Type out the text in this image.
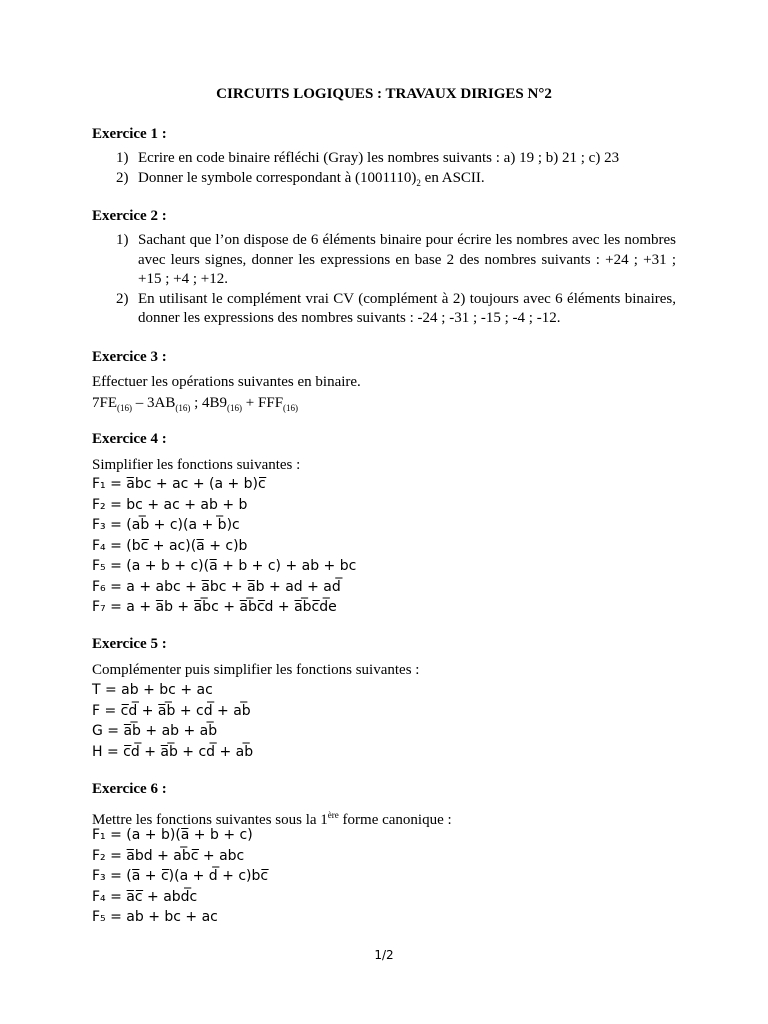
CIRCUITS LOGIQUES : TRAVAUX DIRIGES N°2
Exercice 1 :
1) Ecrire en code binaire réfléchi (Gray) les nombres suivants : a) 19 ; b) 21 ; c) 23
2) Donner le symbole correspondant à $(1001110)_2$ en ASCII.
Exercice 2 :
1) Sachant que l’on dispose de 6 éléments binaire pour écrire les nombres avec les nombres avec leurs signes, donner les expressions en base 2 des nombres suivants : +24 ; +31 ; +15 ; +4 ; +12.
2) En utilisant le complément vrai CV (complément à 2) toujours avec 6 éléments binaires, donner les expressions des nombres suivants : -24 ; -31 ; -15 ; -4 ; -12.
Exercice 3 :
Effectuer les opérations suivantes en binaire.
$7FE_{(16)} - 3AB_{(16)}$ ; $4B9_{(16)} + FFF_{(16)}$
Exercice 4 :
Simplifier les fonctions suivantes :
F₁ = a̅bc + ac + (a + b)c̅
F₂ = bc + ac + ab + b
F₃ = (ab̅ + c)(a + b̅)c
F₄ = (bc̅ + ac)(a̅ + c)b
F₅ = (a + b + c)(a̅ + b + c) + ab + bc
F₆ = a + abc + a̅bc + a̅b + ad + ad̅
F₇ = a + a̅b + a̅b̅c + a̅b̅c̅d + a̅b̅c̅d̅e
Exercice 5 :
Complémenter puis simplifier les fonctions suivantes :
T = ab + bc + ac
F = c̅d̅ + a̅b̅ + cd̅ + ab̅
G = a̅b̅ + ab + ab̅
H = c̅d̅ + a̅b̅ + cd̅ + ab̅
Exercice 6 :
Mettre les fonctions suivantes sous la 1ère forme canonique :
F₁ = (a + b)(a̅ + b + c)
F₂ = a̅bd + ab̅c̅ + abc
F₃ = (a̅ + c̅)(a + d̅ + c)bc̅
F₄ = a̅c̅ + abd̅c
F₅ = ab + bc + ac
1/2
